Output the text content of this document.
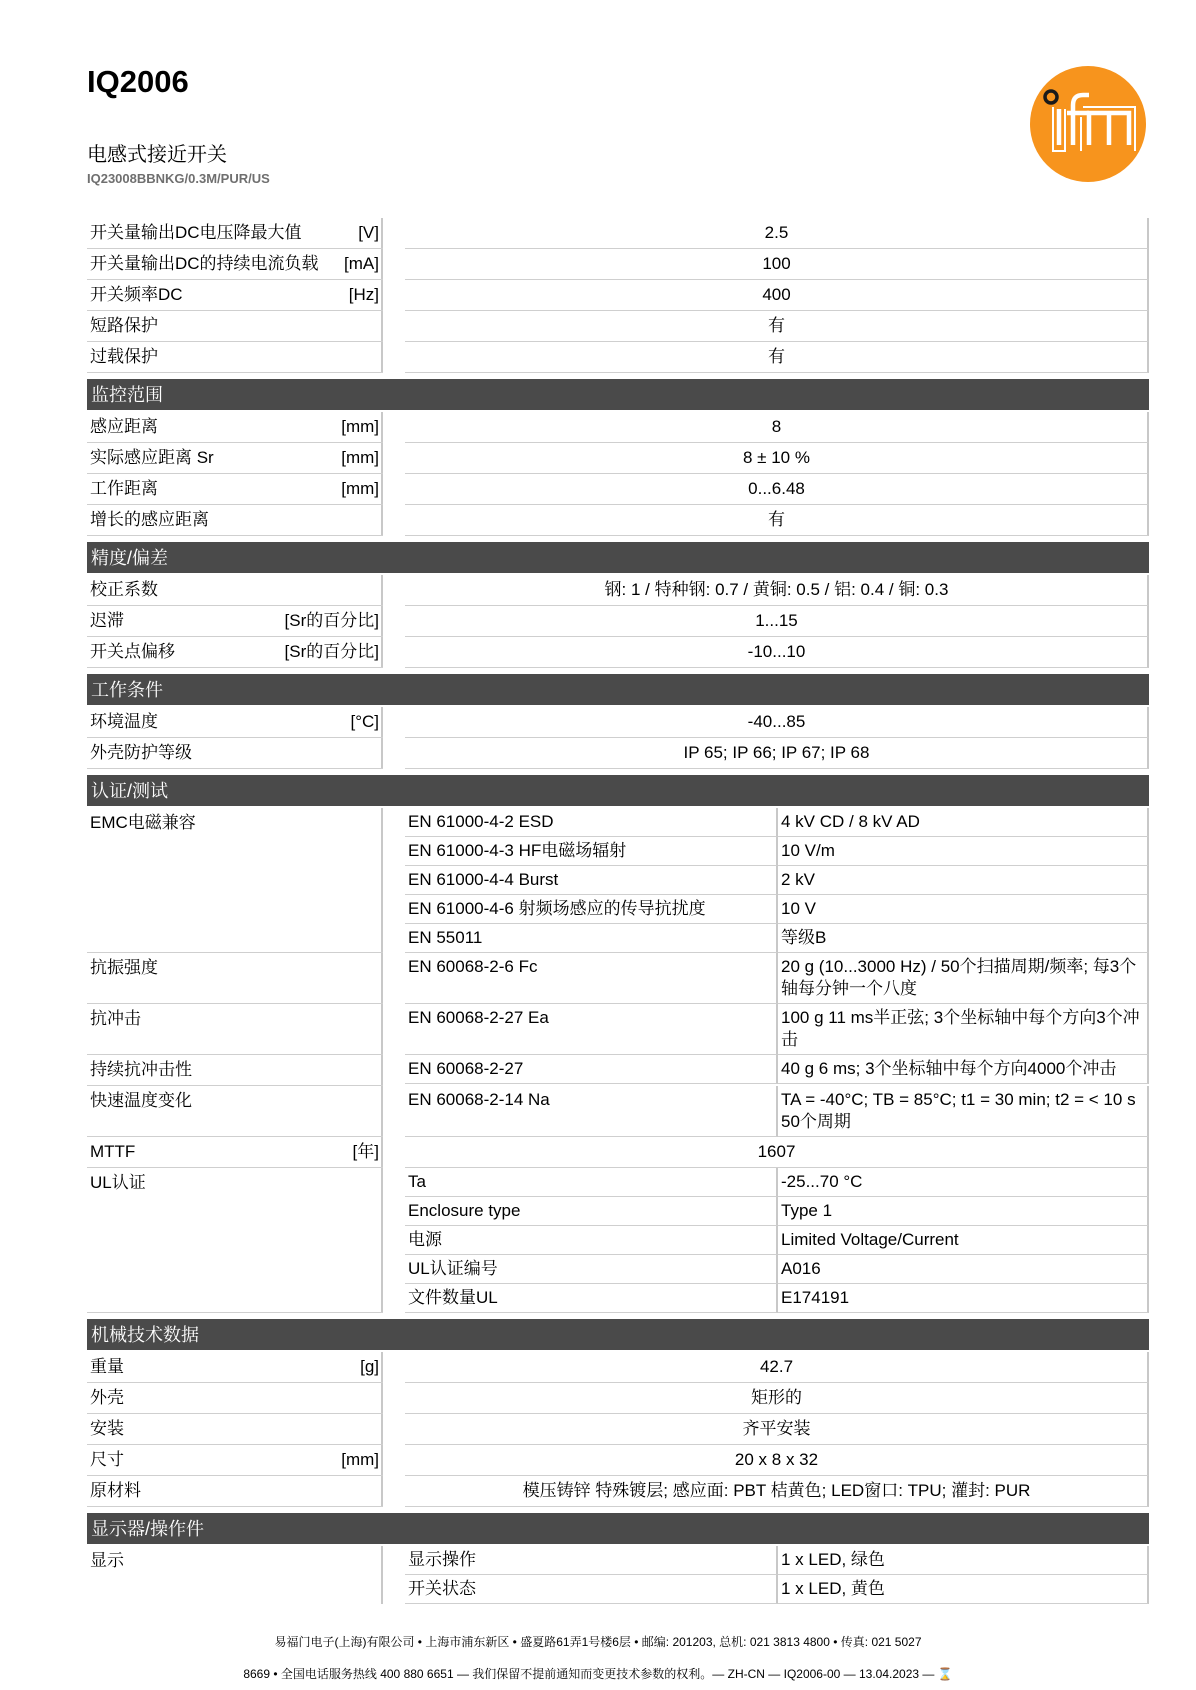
IQ2006
电感式接近开关
IQ23008BBNKG/0.3M/PUR/US	ifm
开关量输出DC电压降最大值	[V]	2.5
开关量输出DC的持续电流负载	[mA]	100
开关频率DC	[Hz]	400
短路保护	有
过载保护	有
监控范围
感应距离	[mm]	8
实际感应距离 Sr	[mm]	8 ± 10 %
工作距离	[mm]	0...6.48
增长的感应距离	有
精度/偏差
校正系数	钢: 1 / 特种钢: 0.7 / 黄铜: 0.5 / 铝: 0.4 / 铜: 0.3
迟滞	[Sr的百分比]	1...15
开关点偏移	[Sr的百分比]	-10...10
工作条件
环境温度	[°C]	-40...85
外壳防护等级	IP 65; IP 66; IP 67; IP 68
认证/测试
EMC电磁兼容	EN 61000-4-2 ESD	4 kV CD / 8 kV AD
EN 61000-4-3 HF电磁场辐射	10 V/m
EN 61000-4-4 Burst	2 kV
EN 61000-4-6 射频场感应的传导抗扰度	10 V
EN 55011	等级B
抗振强度	EN 60068-2-6 Fc	20 g (10...3000 Hz) / 50个扫描周期/频率; 每3个轴每分钟一个八度
抗冲击	EN 60068-2-27 Ea	100 g 11 ms半正弦; 3个坐标轴中每个方向3个冲击
持续抗冲击性	EN 60068-2-27	40 g 6 ms; 3个坐标轴中每个方向4000个冲击
快速温度变化	EN 60068-2-14 Na	TA = -40°C; TB = 85°C; t1 = 30 min; t2 = < 10 s 50个周期
MTTF	[年]	1607
UL认证	Ta	-25...70 °C
Enclosure type	Type 1
电源	Limited Voltage/Current
UL认证编号	A016
文件数量UL	E174191
机械技术数据
重量	[g]	42.7
外壳	矩形的
安装	齐平安装
尺寸	[mm]	20 x 8 x 32
原材料	模压铸锌 特殊镀层; 感应面: PBT 桔黄色; LED窗口: TPU; 灌封: PUR
显示器/操作件
显示	显示操作	1 x LED, 绿色
开关状态	1 x LED, 黄色
易福门电子(上海)有限公司 • 上海市浦东新区 • 盛夏路61弄1号楼6层 • 邮编: 201203, 总机: 021 3813 4800 • 传真: 021 5027
8669 • 全国电话服务热线 400 880 6651 — 我们保留不提前通知而变更技术参数的权利。— ZH-CN — IQ2006-00 — 13.04.2023 — ⌛
